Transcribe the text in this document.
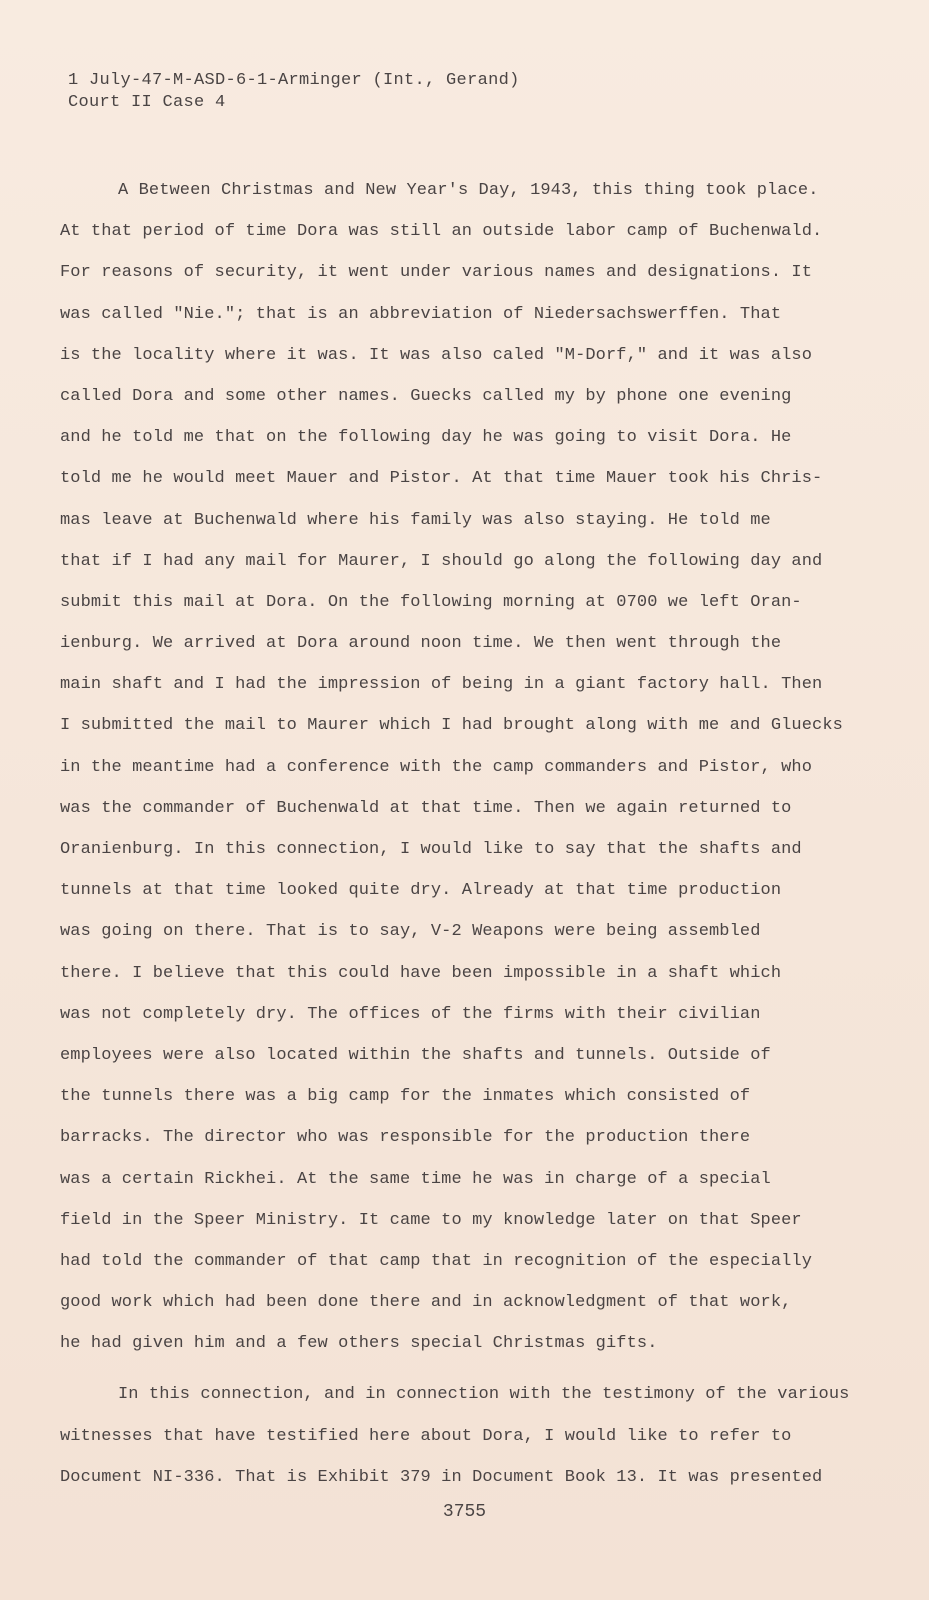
1 July-47-M-ASD-6-1-Arminger (Int., Gerand)
Court II Case 4
A Between Christmas and New Year's Day, 1943, this thing took place.
At that period of time Dora was still an outside labor camp of Buchenwald.
For reasons of security, it went under various names and designations. It
was called "Nie."; that is an abbreviation of Niedersachswerffen. That
is the locality where it was. It was also caled "M-Dorf," and it was also
called Dora and some other names. Guecks called my by phone one evening
and he told me that on the following day he was going to visit Dora. He
told me he would meet Mauer and Pistor. At that time Mauer took his Chris-
mas leave at Buchenwald where his family was also staying. He told me
that if I had any mail for Maurer, I should go along the following day and
submit this mail at Dora. On the following morning at 0700 we left Oran-
ienburg. We arrived at Dora around noon time. We then went through the
main shaft and I had the impression of being in a giant factory hall. Then
I submitted the mail to Maurer which I had brought along with me and Gluecks
in the meantime had a conference with the camp commanders and Pistor, who
was the commander of Buchenwald at that time. Then we again returned to
Oranienburg. In this connection, I would like to say that the shafts and
tunnels at that time looked quite dry. Already at that time production
was going on there. That is to say, V-2 Weapons were being assembled
there. I believe that this could have been impossible in a shaft which
was not completely dry. The offices of the firms with their civilian
employees were also located within the shafts and tunnels. Outside of
the tunnels there was a big camp for the inmates which consisted of
barracks. The director who was responsible for the production there
was a certain Rickhei. At the same time he was in charge of a special
field in the Speer Ministry. It came to my knowledge later on that Speer
had told the commander of that camp that in recognition of the especially
good work which had been done there and in acknowledgment of that work,
he had given him and a few others special Christmas gifts.
In this connection, and in connection with the testimony of the various
witnesses that have testified here about Dora, I would like to refer to
Document NI-336. That is Exhibit 379 in Document Book 13. It was presented
3755
